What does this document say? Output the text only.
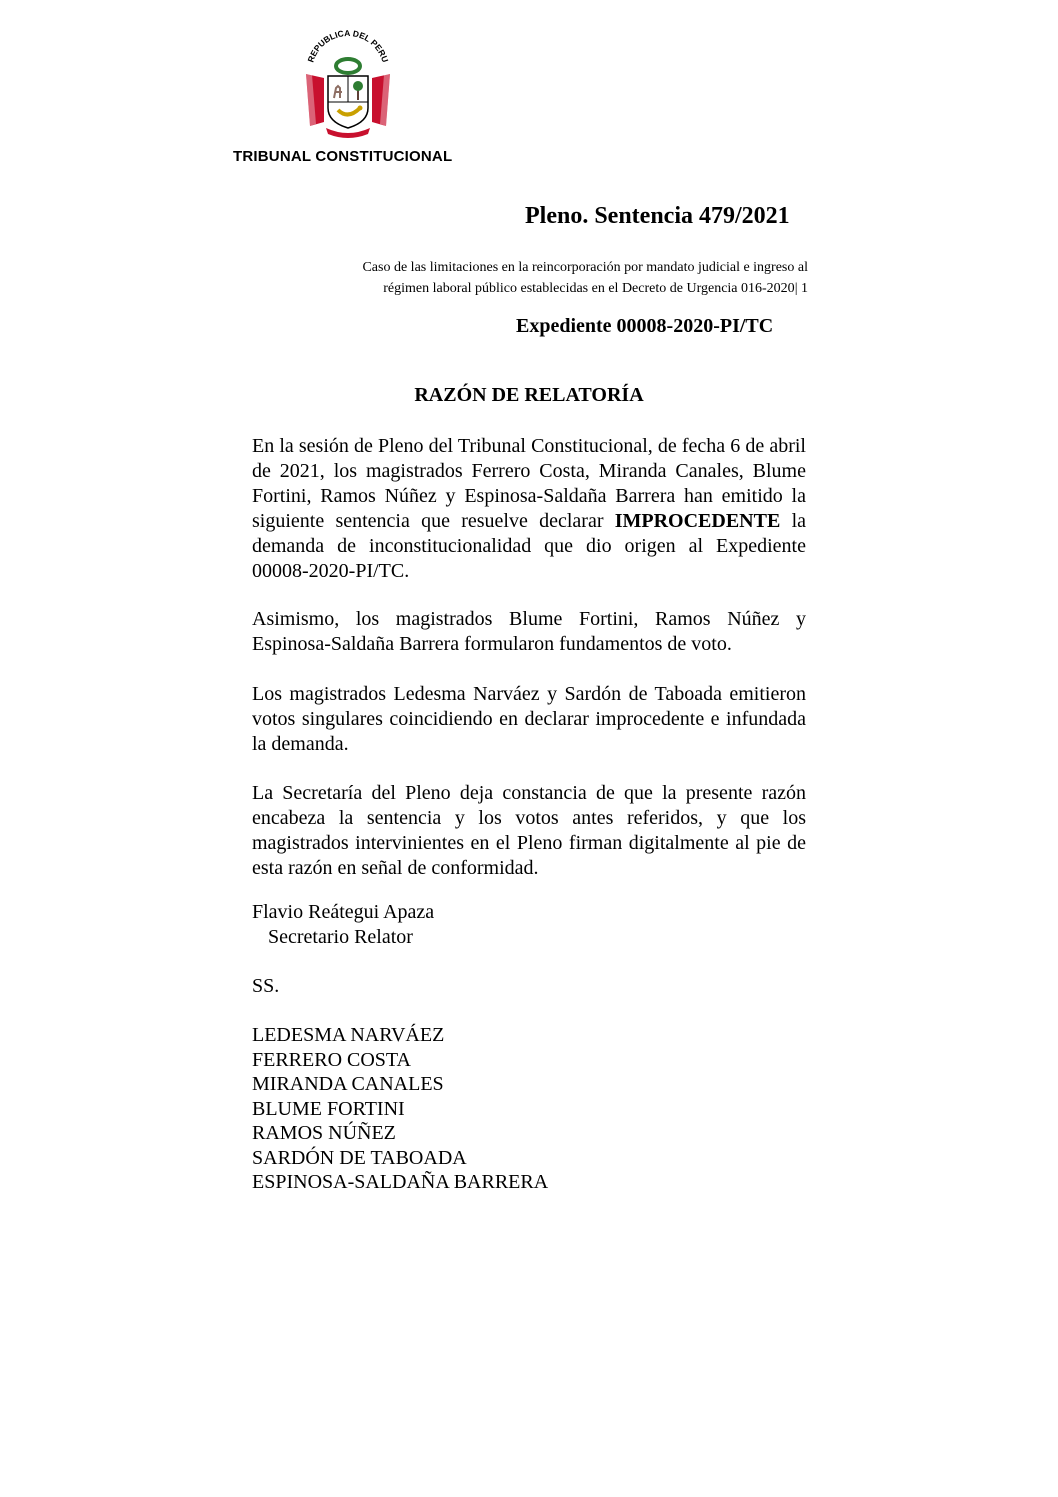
REPUBLICA DEL PERU
TRIBUNAL CONSTITUCIONAL
Pleno. Sentencia 479/2021
Caso de las limitaciones en la reincorporación por mandato judicial e ingreso al
régimen laboral público establecidas en el Decreto de Urgencia 016-2020| 1
Expediente 00008-2020-PI/TC
RAZÓN DE RELATORÍA

En la sesión de Pleno del Tribunal Constitucional, de fecha 6 de abril de 2021, los magistrados Ferrero Costa, Miranda Canales, Blume Fortini, Ramos Núñez y Espinosa-Saldaña Barrera han emitido la siguiente sentencia que resuelve declarar IMPROCEDENTE la demanda de inconstitucionalidad que dio origen al Expediente 00008-2020-PI/TC.

Asimismo, los magistrados Blume Fortini, Ramos Núñez y Espinosa-Saldaña Barrera formularon fundamentos de voto.

Los magistrados Ledesma Narváez y Sardón de Taboada emitieron votos singulares coincidiendo en declarar improcedente e infundada la demanda.

La Secretaría del Pleno deja constancia de que la presente razón encabeza la sentencia y los votos antes referidos, y que los magistrados intervinientes en el Pleno firman digitalmente al pie de esta razón en señal de conformidad.

Flavio Reátegui Apaza
Secretario Relator
SS.
LEDESMA NARVÁEZ
FERRERO COSTA
MIRANDA CANALES
BLUME FORTINI
RAMOS NÚÑEZ
SARDÓN DE TABOADA
ESPINOSA-SALDAÑA BARRERA
